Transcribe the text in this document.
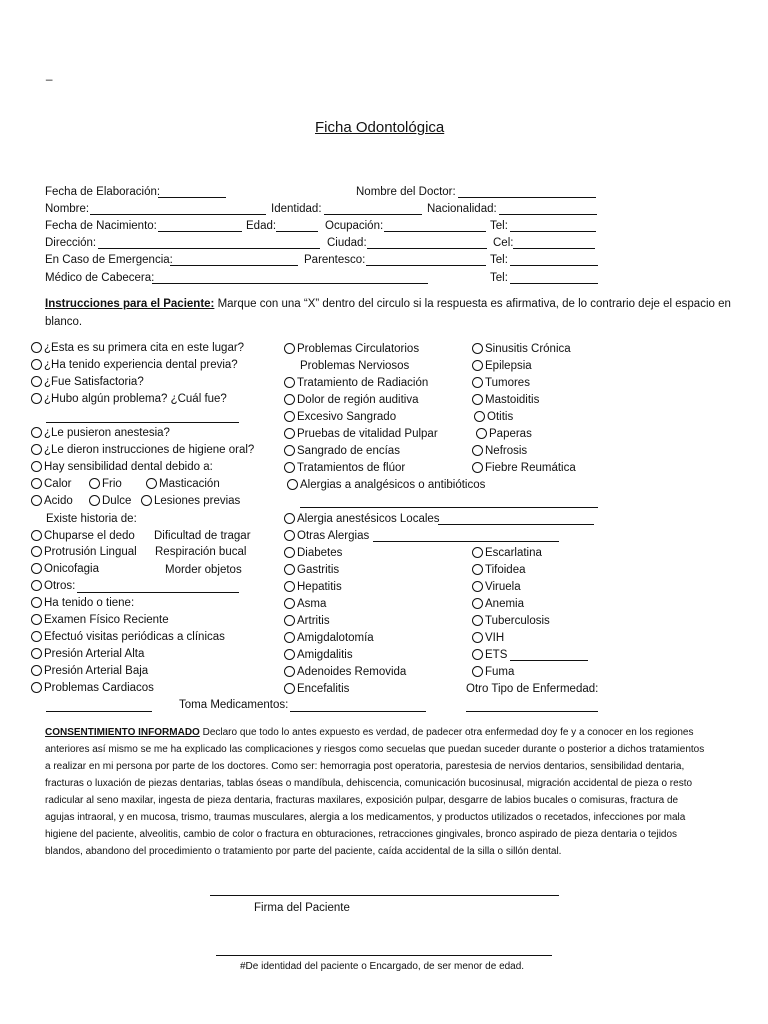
_
Ficha Odontológica
Fecha de Elaboración:	Nombre del Doctor:
Nombre:	Identidad:	Nacionalidad:
Fecha de Nacimiento:	Edad:	Ocupación:	Tel:
Dirección:	Ciudad:	Cel:
En Caso de Emergencia:	Parentesco:	Tel:
Médico de Cabecera:	Tel:
Instrucciones para el Paciente: Marque con una “X” dentro del circulo si la respuesta es afirmativa, de lo contrario deje el espacio en
blanco.
¿Esta es su primera cita en este lugar?
¿Ha tenido experiencia dental previa?
¿Fue Satisfactoria?
¿Hubo algún problema? ¿Cuál fue?
¿Le pusieron anestesia?
¿Le dieron instrucciones de higiene oral?
Hay sensibilidad dental debido a:
Calor	Frio	Masticación
Acido	Dulce	Lesiones previas
Existe historia de:
Chuparse el dedo Dificultad de tragar
Protrusión Lingual Respiración bucal
Onicofagia	Morder objetos
Otros:
Ha tenido o tiene:
Examen Físico Reciente
Efectuó visitas periódicas a clínicas
Presión Arterial Alta
Presión Arterial Baja
Problemas Cardiacos
Toma Medicamentos:
Problemas Circulatorios
Problemas Nerviosos
Tratamiento de Radiación
Dolor de región auditiva
Excesivo Sangrado
Pruebas de vitalidad Pulpar
Sangrado de encías
Tratamientos de flúor
Alergias a analgésicos o antibióticos
Alergia anestésicos Locales
Otras Alergias
Diabetes
Gastritis
Hepatitis
Asma
Artritis
Amigdalotomía
Amigdalitis
Adenoides Removida
Encefalitis
Sinusitis Crónica
Epilepsia
Tumores
Mastoiditis
Otitis
Paperas
Nefrosis
Fiebre Reumática
Escarlatina
Tifoidea
Viruela
Anemia
Tuberculosis
VIH
ETS
Fuma
Otro Tipo de Enfermedad:
CONSENTIMIENTO INFORMADO Declaro que todo lo antes expuesto es verdad, de padecer otra enfermedad doy fe y a conocer en los regiones
anteriores así mismo se me ha explicado las complicaciones y riesgos como secuelas que puedan suceder durante o posterior a dichos tratamientos
a realizar en mi persona por parte de los doctores. Como ser: hemorragia post operatoria, parestesia de nervios dentarios, sensibilidad dentaria,
fracturas o luxación de piezas dentarias, tablas óseas o mandíbula, dehiscencia, comunicación bucosinusal, migración accidental de pieza o resto
radicular al seno maxilar, ingesta de pieza dentaria, fracturas maxilares, exposición pulpar, desgarre de labios bucales o comisuras, fractura de
agujas intraoral, y en mucosa, trismo, traumas musculares, alergia a los medicamentos, y productos utilizados o recetados, infecciones por mala
higiene del paciente, alveolitis, cambio de color o fractura en obturaciones, retracciones gingivales, bronco aspirado de pieza dentaria o tejidos
blandos, abandono del procedimiento o tratamiento por parte del paciente, caída accidental de la silla o sillón dental.
Firma del Paciente
#De identidad del paciente o Encargado, de ser menor de edad.
